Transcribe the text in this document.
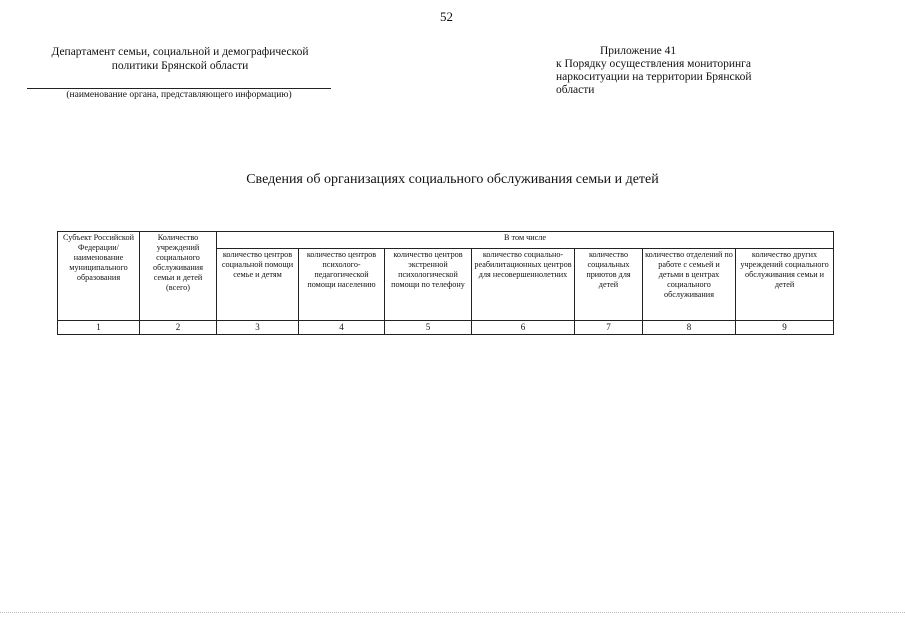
52
Департамент семьи, социальной и демографической
политики Брянской области
(наименование органа, представляющего информацию)
Приложение 41
к Порядку осуществления мониторинга
наркоситуации на территории Брянской
области
Сведения об организациях социального обслуживания семьи и детей
Субъект Российской Федерации/ наименование муниципального образования	Количество учреждений социального обслуживания семьи и детей (всего)	В том числе						
		количество центров социальной помощи семье и детям	количество центров психолого-педагогической помощи населению	количество центров экстренной психологической помощи по телефону	количество социально-реабилитационных центров для несовершеннолетних	количество социальных приютов для детей	количество отделений по работе с семьей и детьми в центрах социального обслуживания	количество других учреждений социального обслуживания семьи и детей
1	2	3	4	5	6	7	8	9
